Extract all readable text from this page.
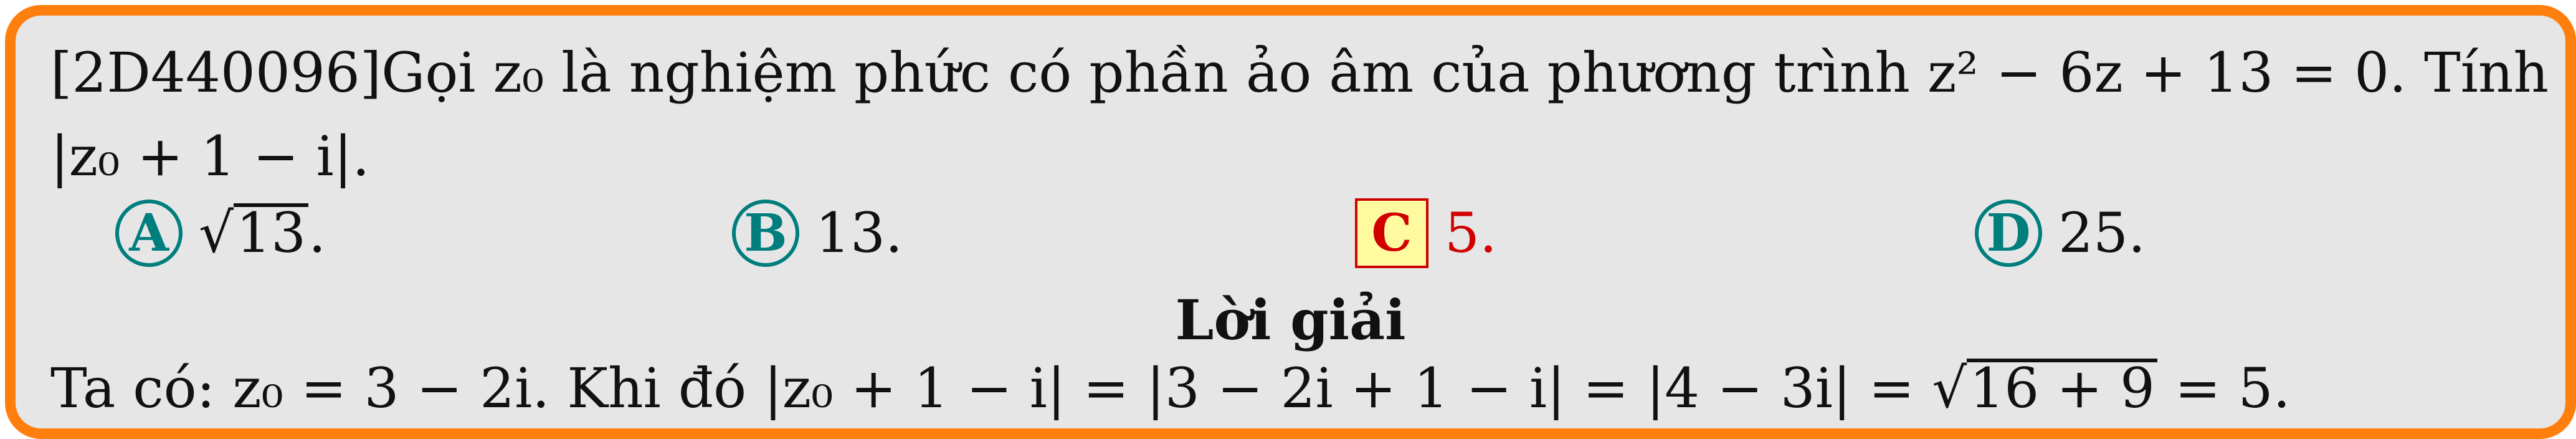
[2D440096]Gọi z₀ là nghiệm phức có phần ảo âm của phương trình z² − 6z + 13 = 0. Tính
|z₀ + 1 − i|.
A √13.	B 13.	C 5.	D 25.
Lời giải
Ta có: z₀ = 3 − 2i. Khi đó |z₀ + 1 − i| = |3 − 2i + 1 − i| = |4 − 3i| = √16 + 9 = 5.
